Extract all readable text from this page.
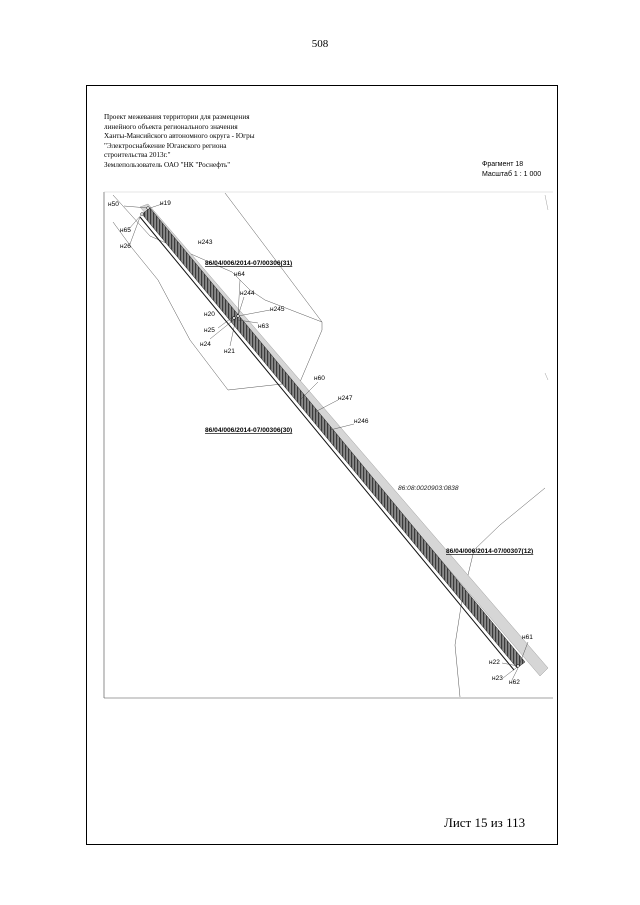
508
Проект межевания территории для размещения
линейного объекта регионального значения
Ханты-Мансийского автономного округа - Югры
"Электроснабжение Юганского региона
строительства 2013г."
Землепользователь ОАО "НК "Роснефть"	Фрагмент 18
Масштаб 1 : 1 000
н50	н19
н65
н26
н243
н64
н244
н245
н20
н25
н63
н24
н21
н60
н247
н246
н61
н22
н23
н62
86/04/006/2014-07/00306(31)
86/04/006/2014-07/00306(30)
86/04/006/2014-07/00307(12)
86:08:0020903:0838
Лист 15 из 113
